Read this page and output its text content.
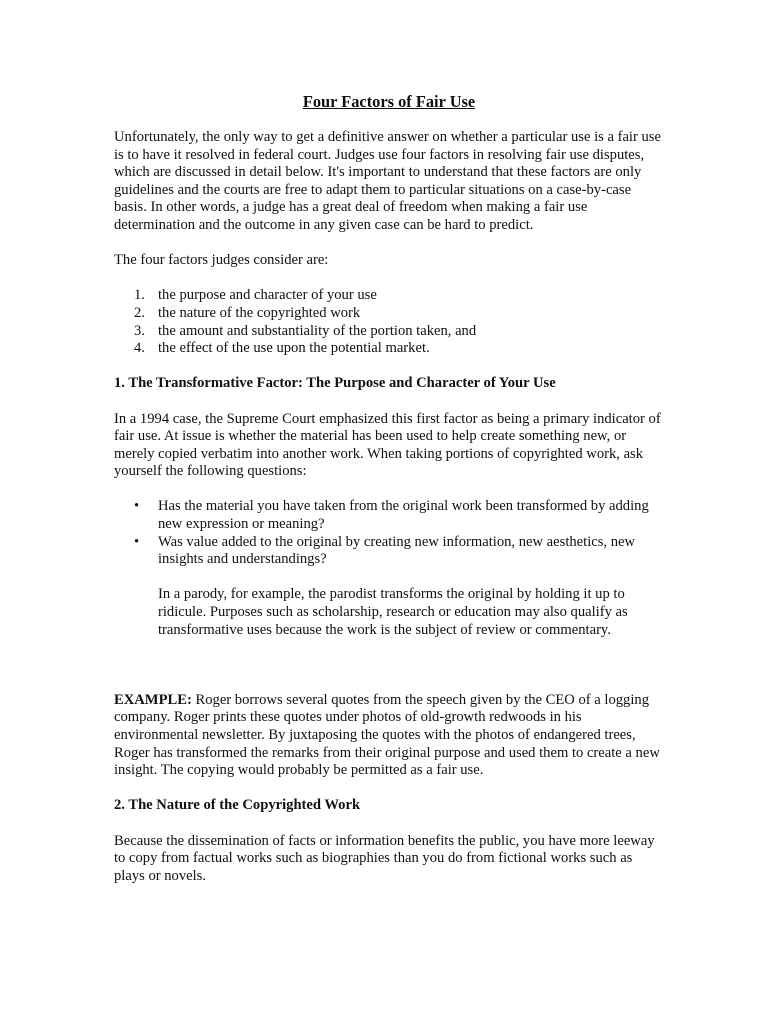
Four Factors of Fair Use

Unfortunately, the only way to get a definitive answer on whether a particular use is a fair use is to have it resolved in federal court. Judges use four factors in resolving fair use disputes, which are discussed in detail below. It's important to understand that these factors are only guidelines and the courts are free to adapt them to particular situations on a case-by-case basis. In other words, a judge has a great deal of freedom when making a fair use determination and the outcome in any given case can be hard to predict.

The four factors judges consider are:

1. the purpose and character of your use
2. the nature of the copyrighted work
3. the amount and substantiality of the portion taken, and
4. the effect of the use upon the potential market.
1. The Transformative Factor: The Purpose and Character of Your Use

In a 1994 case, the Supreme Court emphasized this first factor as being a primary indicator of fair use. At issue is whether the material has been used to help create something new, or merely copied verbatim into another work. When taking portions of copyrighted work, ask yourself the following questions:

• Has the material you have taken from the original work been transformed by adding new expression or meaning?
• Was value added to the original by creating new information, new aesthetics, new insights and understandings?

In a parody, for example, the parodist transforms the original by holding it up to ridicule. Purposes such as scholarship, research or education may also qualify as transformative uses because the work is the subject of review or commentary.

EXAMPLE: Roger borrows several quotes from the speech given by the CEO of a logging company. Roger prints these quotes under photos of old-growth redwoods in his environmental newsletter. By juxtaposing the quotes with the photos of endangered trees, Roger has transformed the remarks from their original purpose and used them to create a new insight. The copying would probably be permitted as a fair use.

2. The Nature of the Copyrighted Work

Because the dissemination of facts or information benefits the public, you have more leeway to copy from factual works such as biographies than you do from fictional works such as plays or novels.
